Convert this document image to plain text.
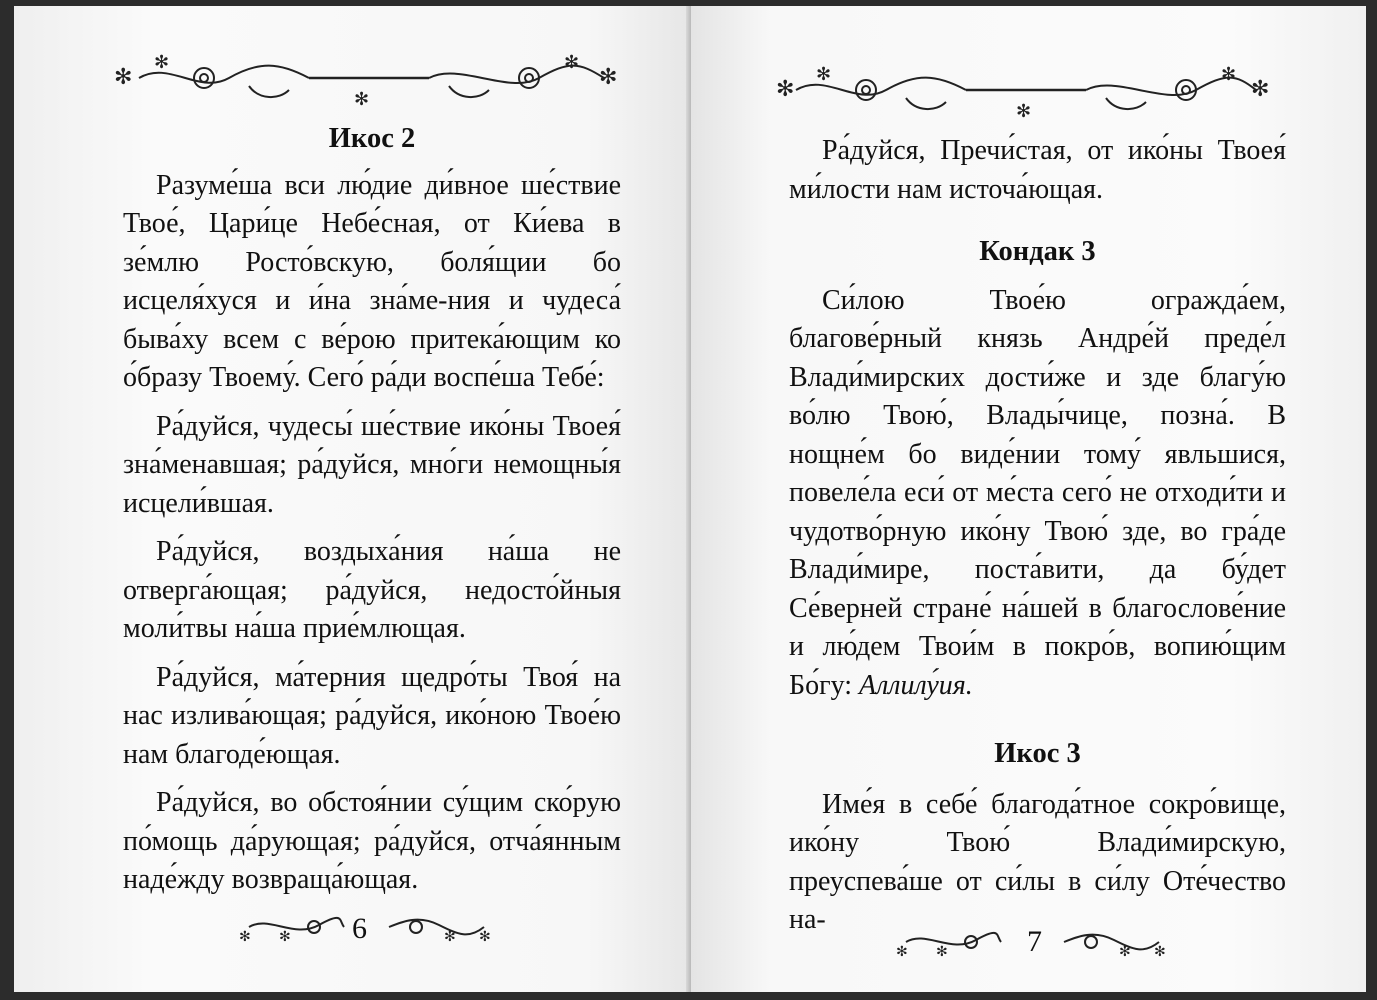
✻
✻
✻
✻
✻

Икос 2

Разуме́ша вси лю́дие ди́вное ше́ствие Твое́, Цари́це Небе́сная, от Ки́ева в зе́млю Росто́вскую, боля́щии бо исцеля́хуся и и́на зна́ме-ния и чудеса́ быва́ху всем с ве́рою притека́ющим ко о́бразу Твоему́. Сего́ ра́ди воспе́ша Тебе́:

Ра́дуйся, чудесы́ ше́ствие ико́ны Твоея́ зна́менавшая; ра́дуйся, мно́ги немощны́я исцели́вшая.

Ра́дуйся, воздыха́ния на́ша не отверга́ющая; ра́дуйся, недосто́йныя моли́твы на́ша прие́млющая.

Ра́дуйся, ма́терния щедро́ты Твоя́ на нас излива́ющая; ра́дуйся, ико́ною Твое́ю нам благоде́ющая.

Ра́дуйся, во обстоя́нии су́щим ско́рую по́мощь да́рующая; ра́дуйся, отча́янным наде́жду возвраща́ющая.

✻ ✻ 6	✻ ✻
✻
✻
✻
✻
✻

Ра́дуйся, Пречи́стая, от ико́ны Твоея́ ми́лости нам источа́ющая.

Кондак 3

Си́лою Твое́ю огражда́ем, благове́рный князь Андре́й преде́л Влади́мирских дости́же и зде благу́ю во́лю Твою́, Влады́чице, позна́. В нощне́м бо виде́нии тому́ явльшися, повеле́ла еси́ от ме́ста сего́ не отходи́ти и чудотво́рную ико́ну Твою́ зде, во гра́де Влади́мире, поста́вити, да бу́дет Се́верней стране́ на́шей в благослове́ние и лю́дем Твои́м в покро́в, вопию́щим Бо́гу: Аллилу́ия.

Икос 3

Име́я в себе́ благода́тное сокро́вище, ико́ну Твою́ Влади́мирскую, преуспева́ше от си́лы в си́лу Оте́чество на-

✻ ✻	7	✻ ✻
